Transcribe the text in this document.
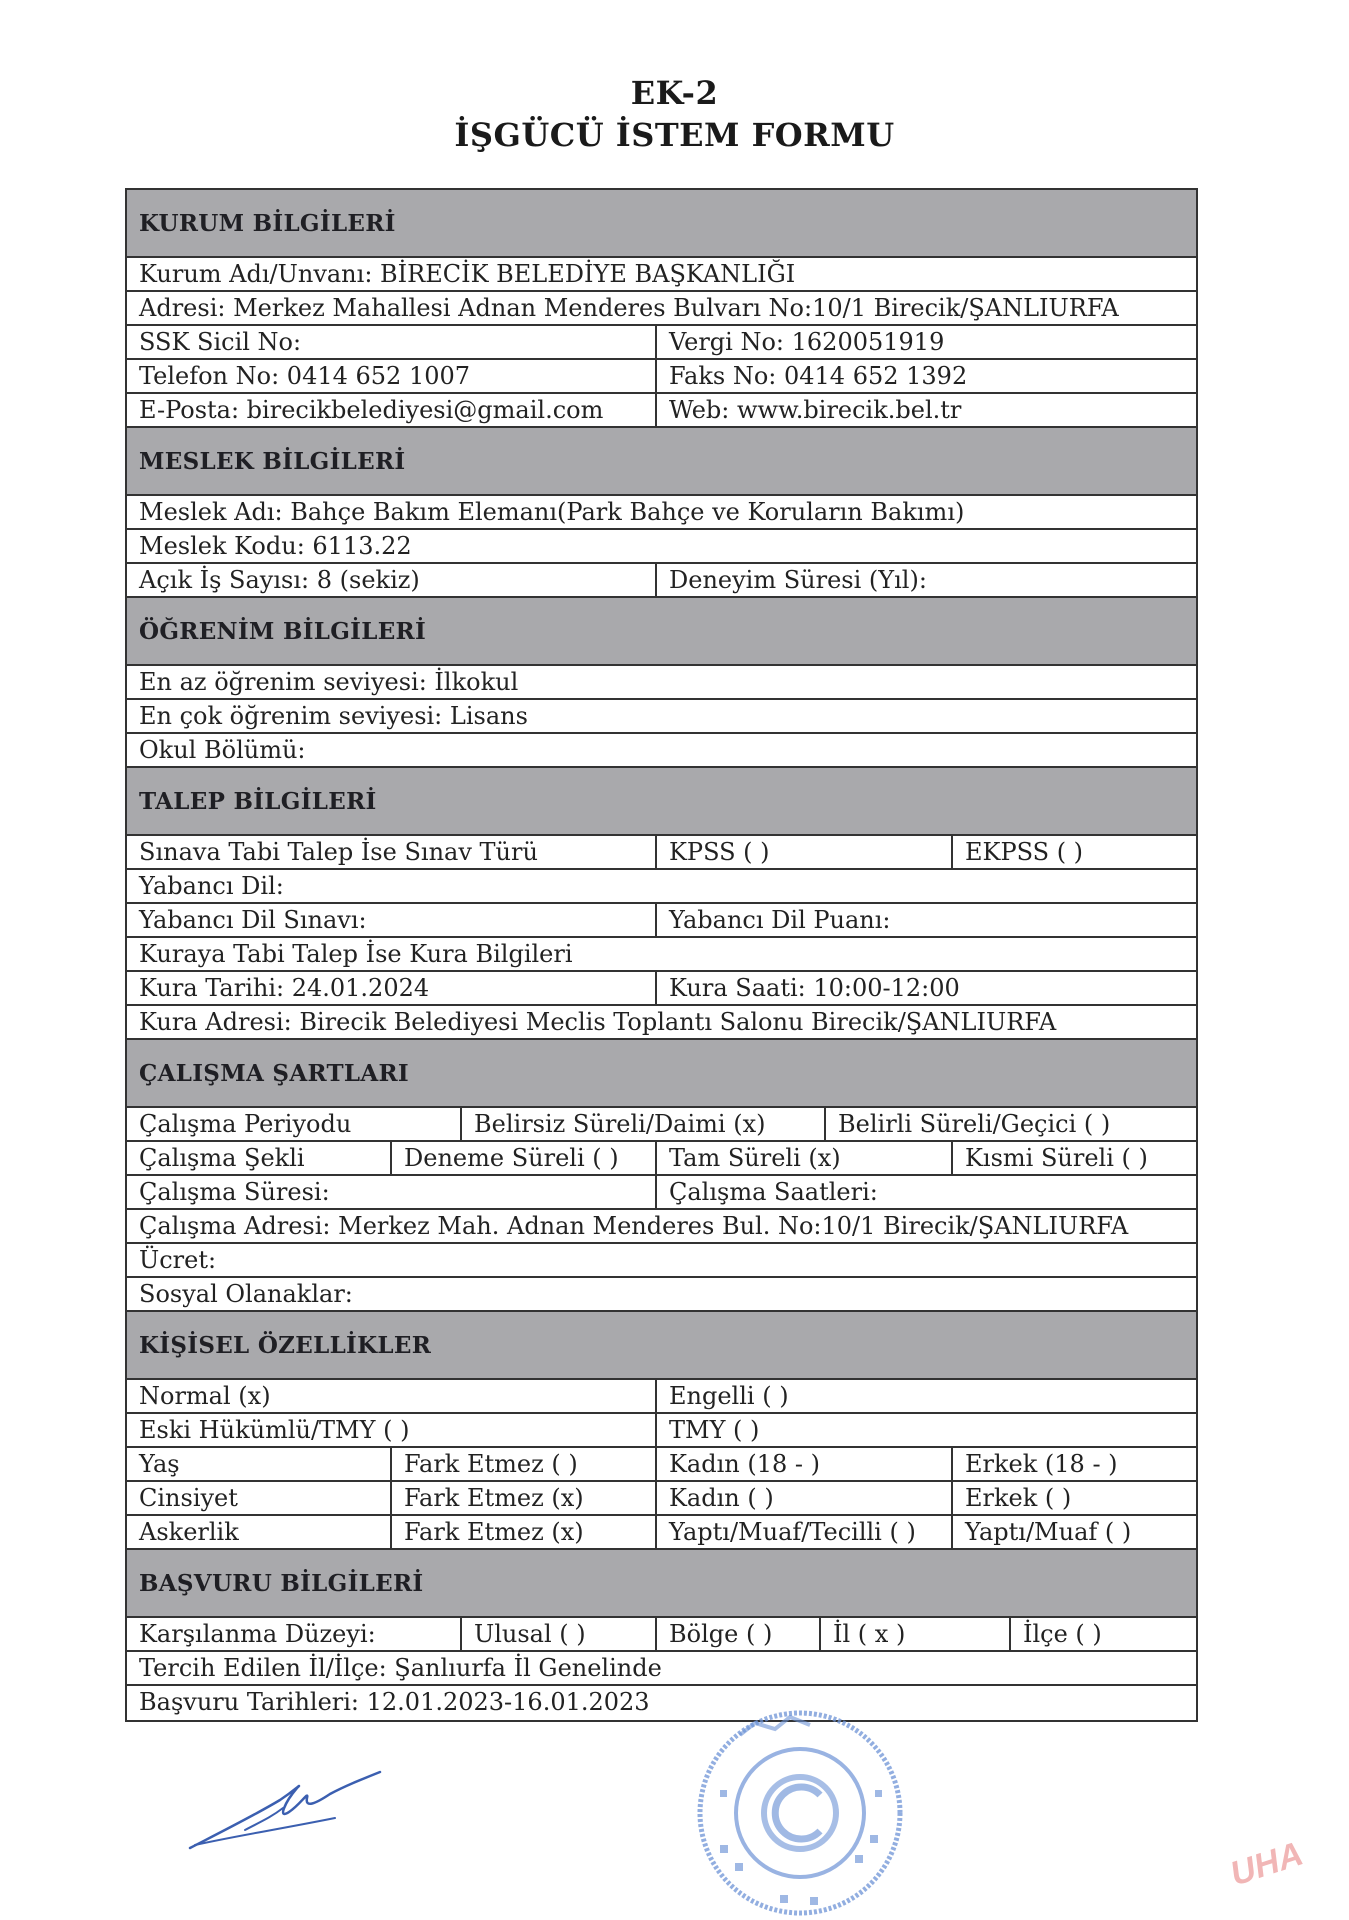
EK-2
İŞGÜCÜ İSTEM FORMU
KURUM BİLGİLERİ
Kurum Adı/Unvanı: BİRECİK BELEDİYE BAŞKANLIĞI
Adresi: Merkez Mahallesi Adnan Menderes Bulvarı No:10/1 Birecik/ŞANLIURFA
SSK Sicil No:	Vergi No: 1620051919
Telefon No: 0414 652 1007	Faks No: 0414 652 1392
E-Posta: birecikbelediyesi@gmail.com	Web: www.birecik.bel.tr
MESLEK BİLGİLERİ
Meslek Adı: Bahçe Bakım Elemanı(Park Bahçe ve Koruların Bakımı)
Meslek Kodu: 6113.22
Açık İş Sayısı: 8 (sekiz)	Deneyim Süresi (Yıl):
ÖĞRENİM BİLGİLERİ
En az öğrenim seviyesi: İlkokul
En çok öğrenim seviyesi: Lisans
Okul Bölümü:
TALEP BİLGİLERİ
Sınava Tabi Talep İse Sınav Türü	KPSS ( )	EKPSS ( )
Yabancı Dil:
Yabancı Dil Sınavı:	Yabancı Dil Puanı:
Kuraya Tabi Talep İse Kura Bilgileri
Kura Tarihi: 24.01.2024	Kura Saati: 10:00-12:00
Kura Adresi: Birecik Belediyesi Meclis Toplantı Salonu Birecik/ŞANLIURFA
ÇALIŞMA ŞARTLARI
Çalışma Periyodu	Belirsiz Süreli/Daimi (x)	Belirli Süreli/Geçici ( )
Çalışma Şekli	Deneme Süreli ( )	Tam Süreli (x)	Kısmi Süreli ( )
Çalışma Süresi:	Çalışma Saatleri:
Çalışma Adresi: Merkez Mah. Adnan Menderes Bul. No:10/1 Birecik/ŞANLIURFA
Ücret:
Sosyal Olanaklar:
KİŞİSEL ÖZELLİKLER
Normal (x)	Engelli ( )
Eski Hükümlü/TMY ( )	TMY ( )
Yaş	Fark Etmez ( )	Kadın (18 - )	Erkek (18 - )
Cinsiyet	Fark Etmez (x)	Kadın ( )	Erkek ( )
Askerlik	Fark Etmez (x)	Yaptı/Muaf/Tecilli ( )	Yaptı/Muaf ( )
BAŞVURU BİLGİLERİ
Karşılanma Düzeyi:	Ulusal ( )	Bölge ( )	İl ( x )	İlçe ( )
Tercih Edilen İl/İlçe: Şanlıurfa İl Genelinde
Başvuru Tarihleri: 12.01.2023-16.01.2023
UHA
